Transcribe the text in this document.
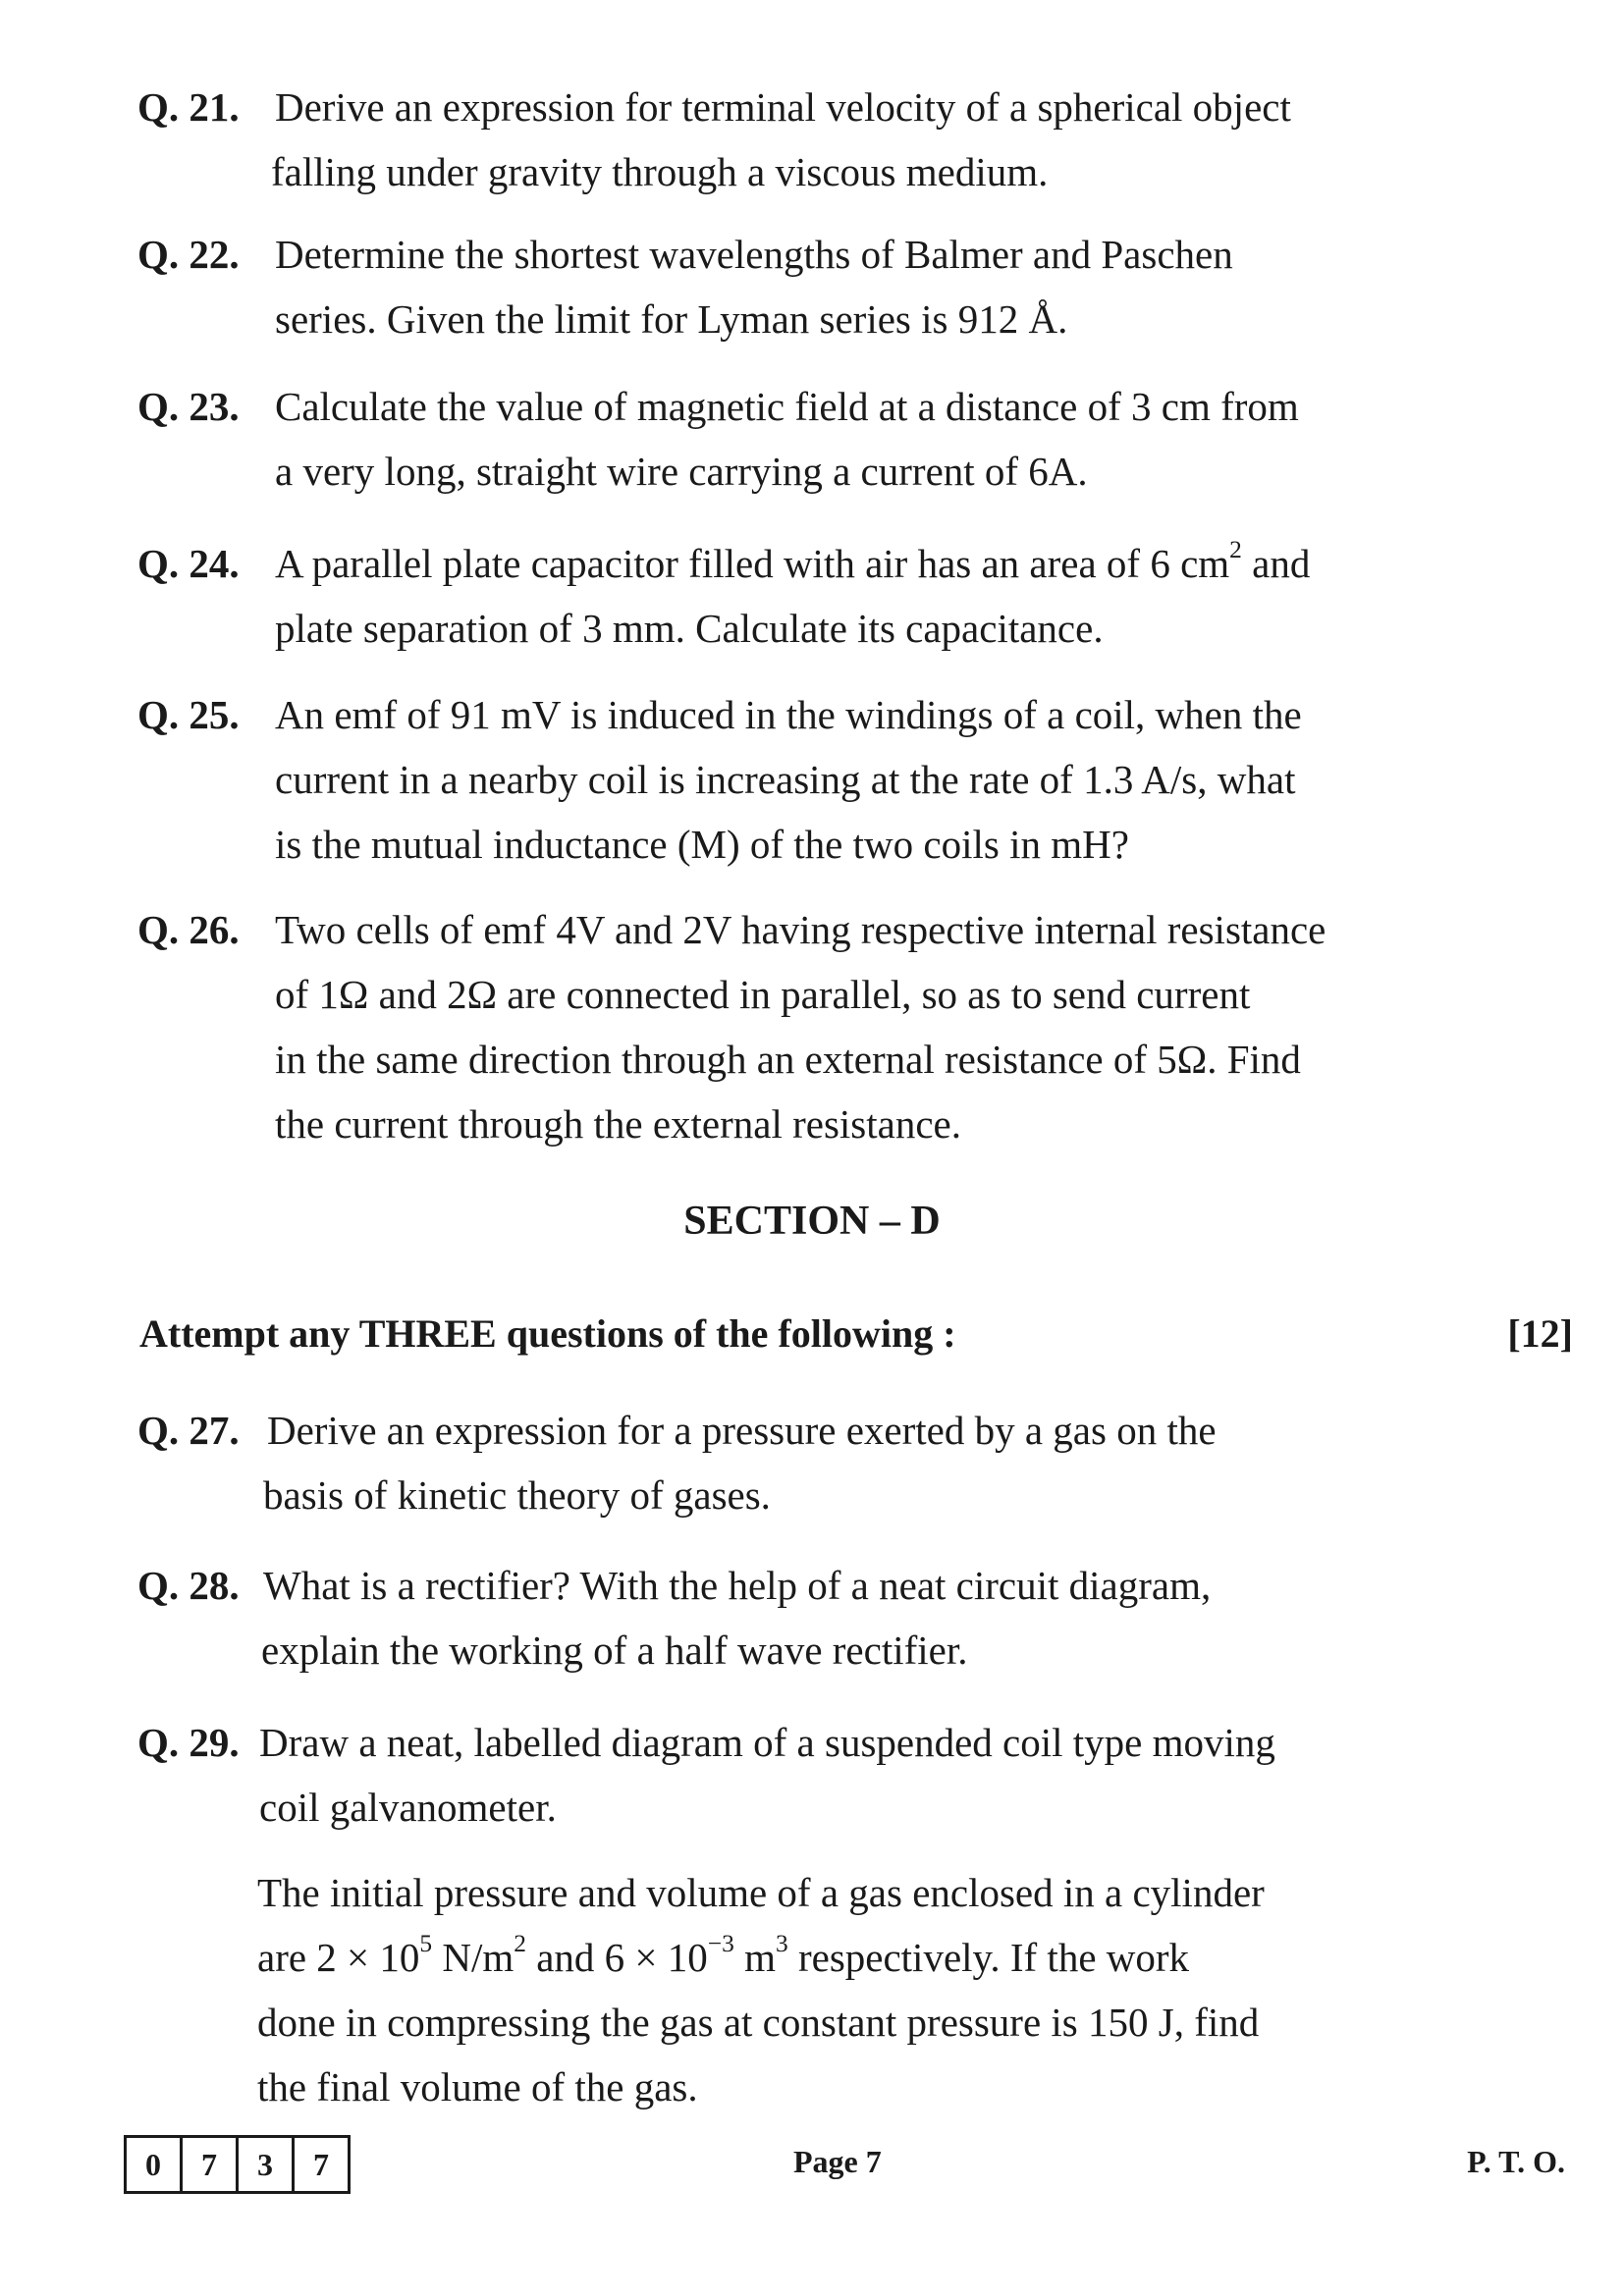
Q. 21. Derive an expression for terminal velocity of a spherical object
falling under gravity through a viscous medium.
Q. 22. Determine the shortest wavelengths of Balmer and Paschen
series. Given the limit for Lyman series is 912 Å.
Q. 23. Calculate the value of magnetic field at a distance of 3 cm from
a very long, straight wire carrying a current of 6A.
Q. 24. A parallel plate capacitor filled with air has an area of 6 $cm^2$ and
plate separation of 3 mm. Calculate its capacitance.
Q. 25. An emf of 91 mV is induced in the windings of a coil, when the
current in a nearby coil is increasing at the rate of 1.3 A/s, what
is the mutual inductance (M) of the two coils in mH?
Q. 26. Two cells of emf 4V and 2V having respective internal resistance
of 1Ω and 2Ω are connected in parallel, so as to send current
in the same direction through an external resistance of 5Ω. Find
the current through the external resistance.
SECTION – D
Attempt any THREE questions of the following :	[12]
Q. 27. Derive an expression for a pressure exerted by a gas on the
basis of kinetic theory of gases.
Q. 28. What is a rectifier? With the help of a neat circuit diagram,
explain the working of a half wave rectifier.
Q. 29. Draw a neat, labelled diagram of a suspended coil type moving
coil galvanometer.
The initial pressure and volume of a gas enclosed in a cylinder
are $2 \times 10^5$ $N/m^2$ and $6 \times 10^{-3}$ $m^3$ respectively. If the work
done in compressing the gas at constant pressure is 150 J, find
the final volume of the gas.
0	7	3	7	Page 7	P. T. O.
